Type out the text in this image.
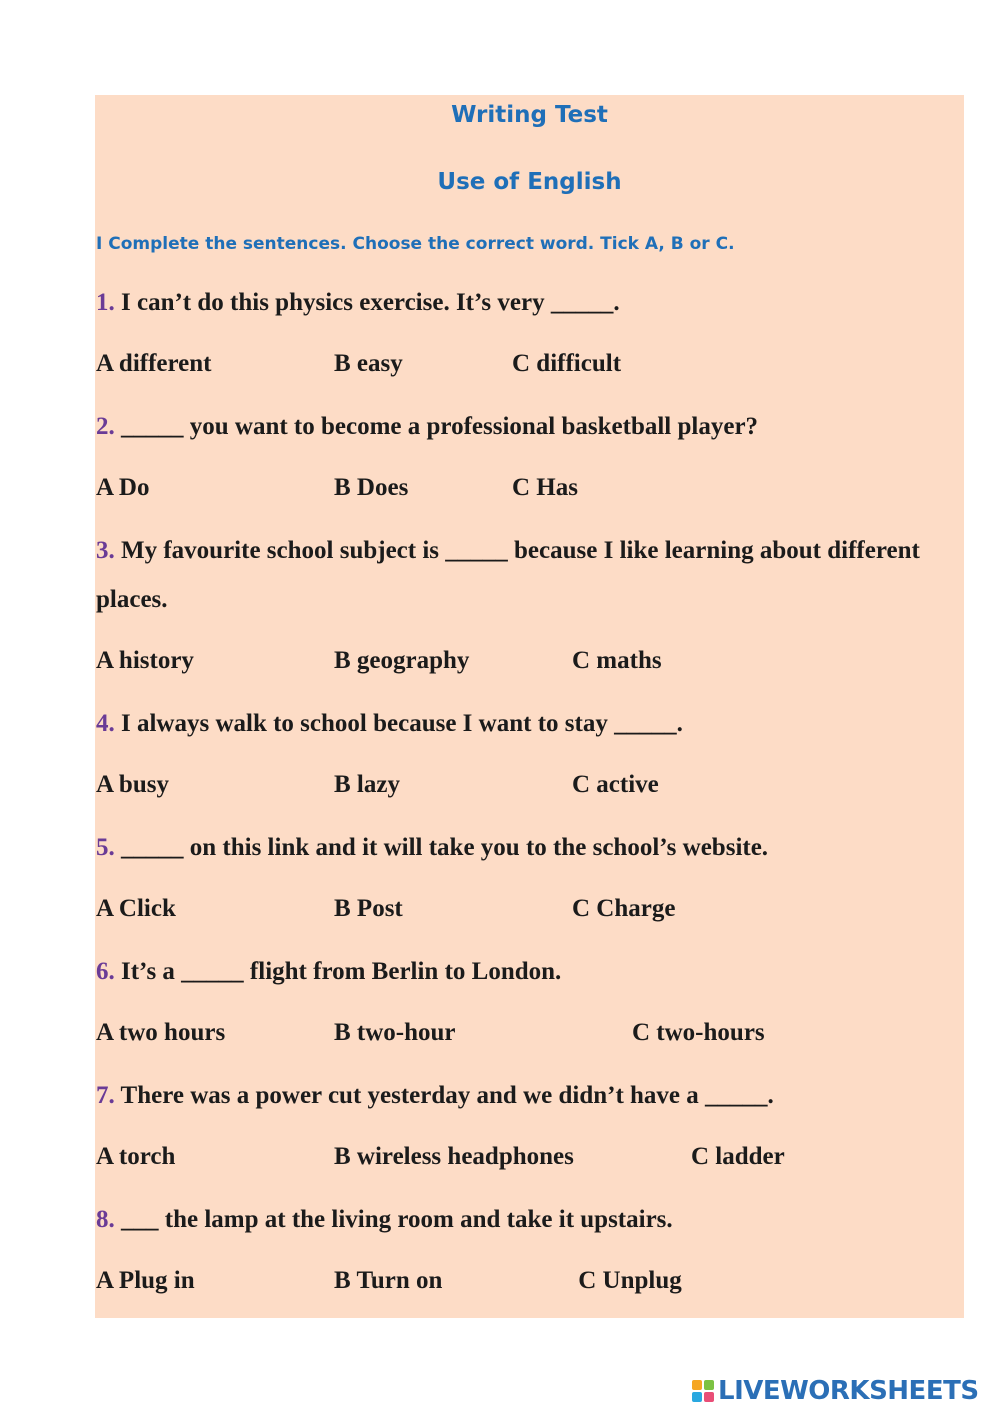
Writing Test
Use of English
I Complete the sentences. Choose the correct word. Tick A, B or C.
1. I can’t do this physics exercise. It’s very _____.
A different	B easy	C difficult
2. _____ you want to become a professional basketball player?
A Do	B Does	C Has
3. My favourite school subject is _____ because I like learning about different places.
A history	B geography	C maths
4. I always walk to school because I want to stay _____.
A busy	B lazy	C active
5. _____ on this link and it will take you to the school’s website.
A Click	B Post	C Charge
6. It’s a _____ flight from Berlin to London.
A two hours	B two-hour	C two-hours
7. There was a power cut yesterday and we didn’t have a _____.
A torch	B wireless headphones	C ladder
8. ___ the lamp at the living room and take it upstairs.
A Plug in	B Turn on	C Unplug
LIVEWORKSHEETS
